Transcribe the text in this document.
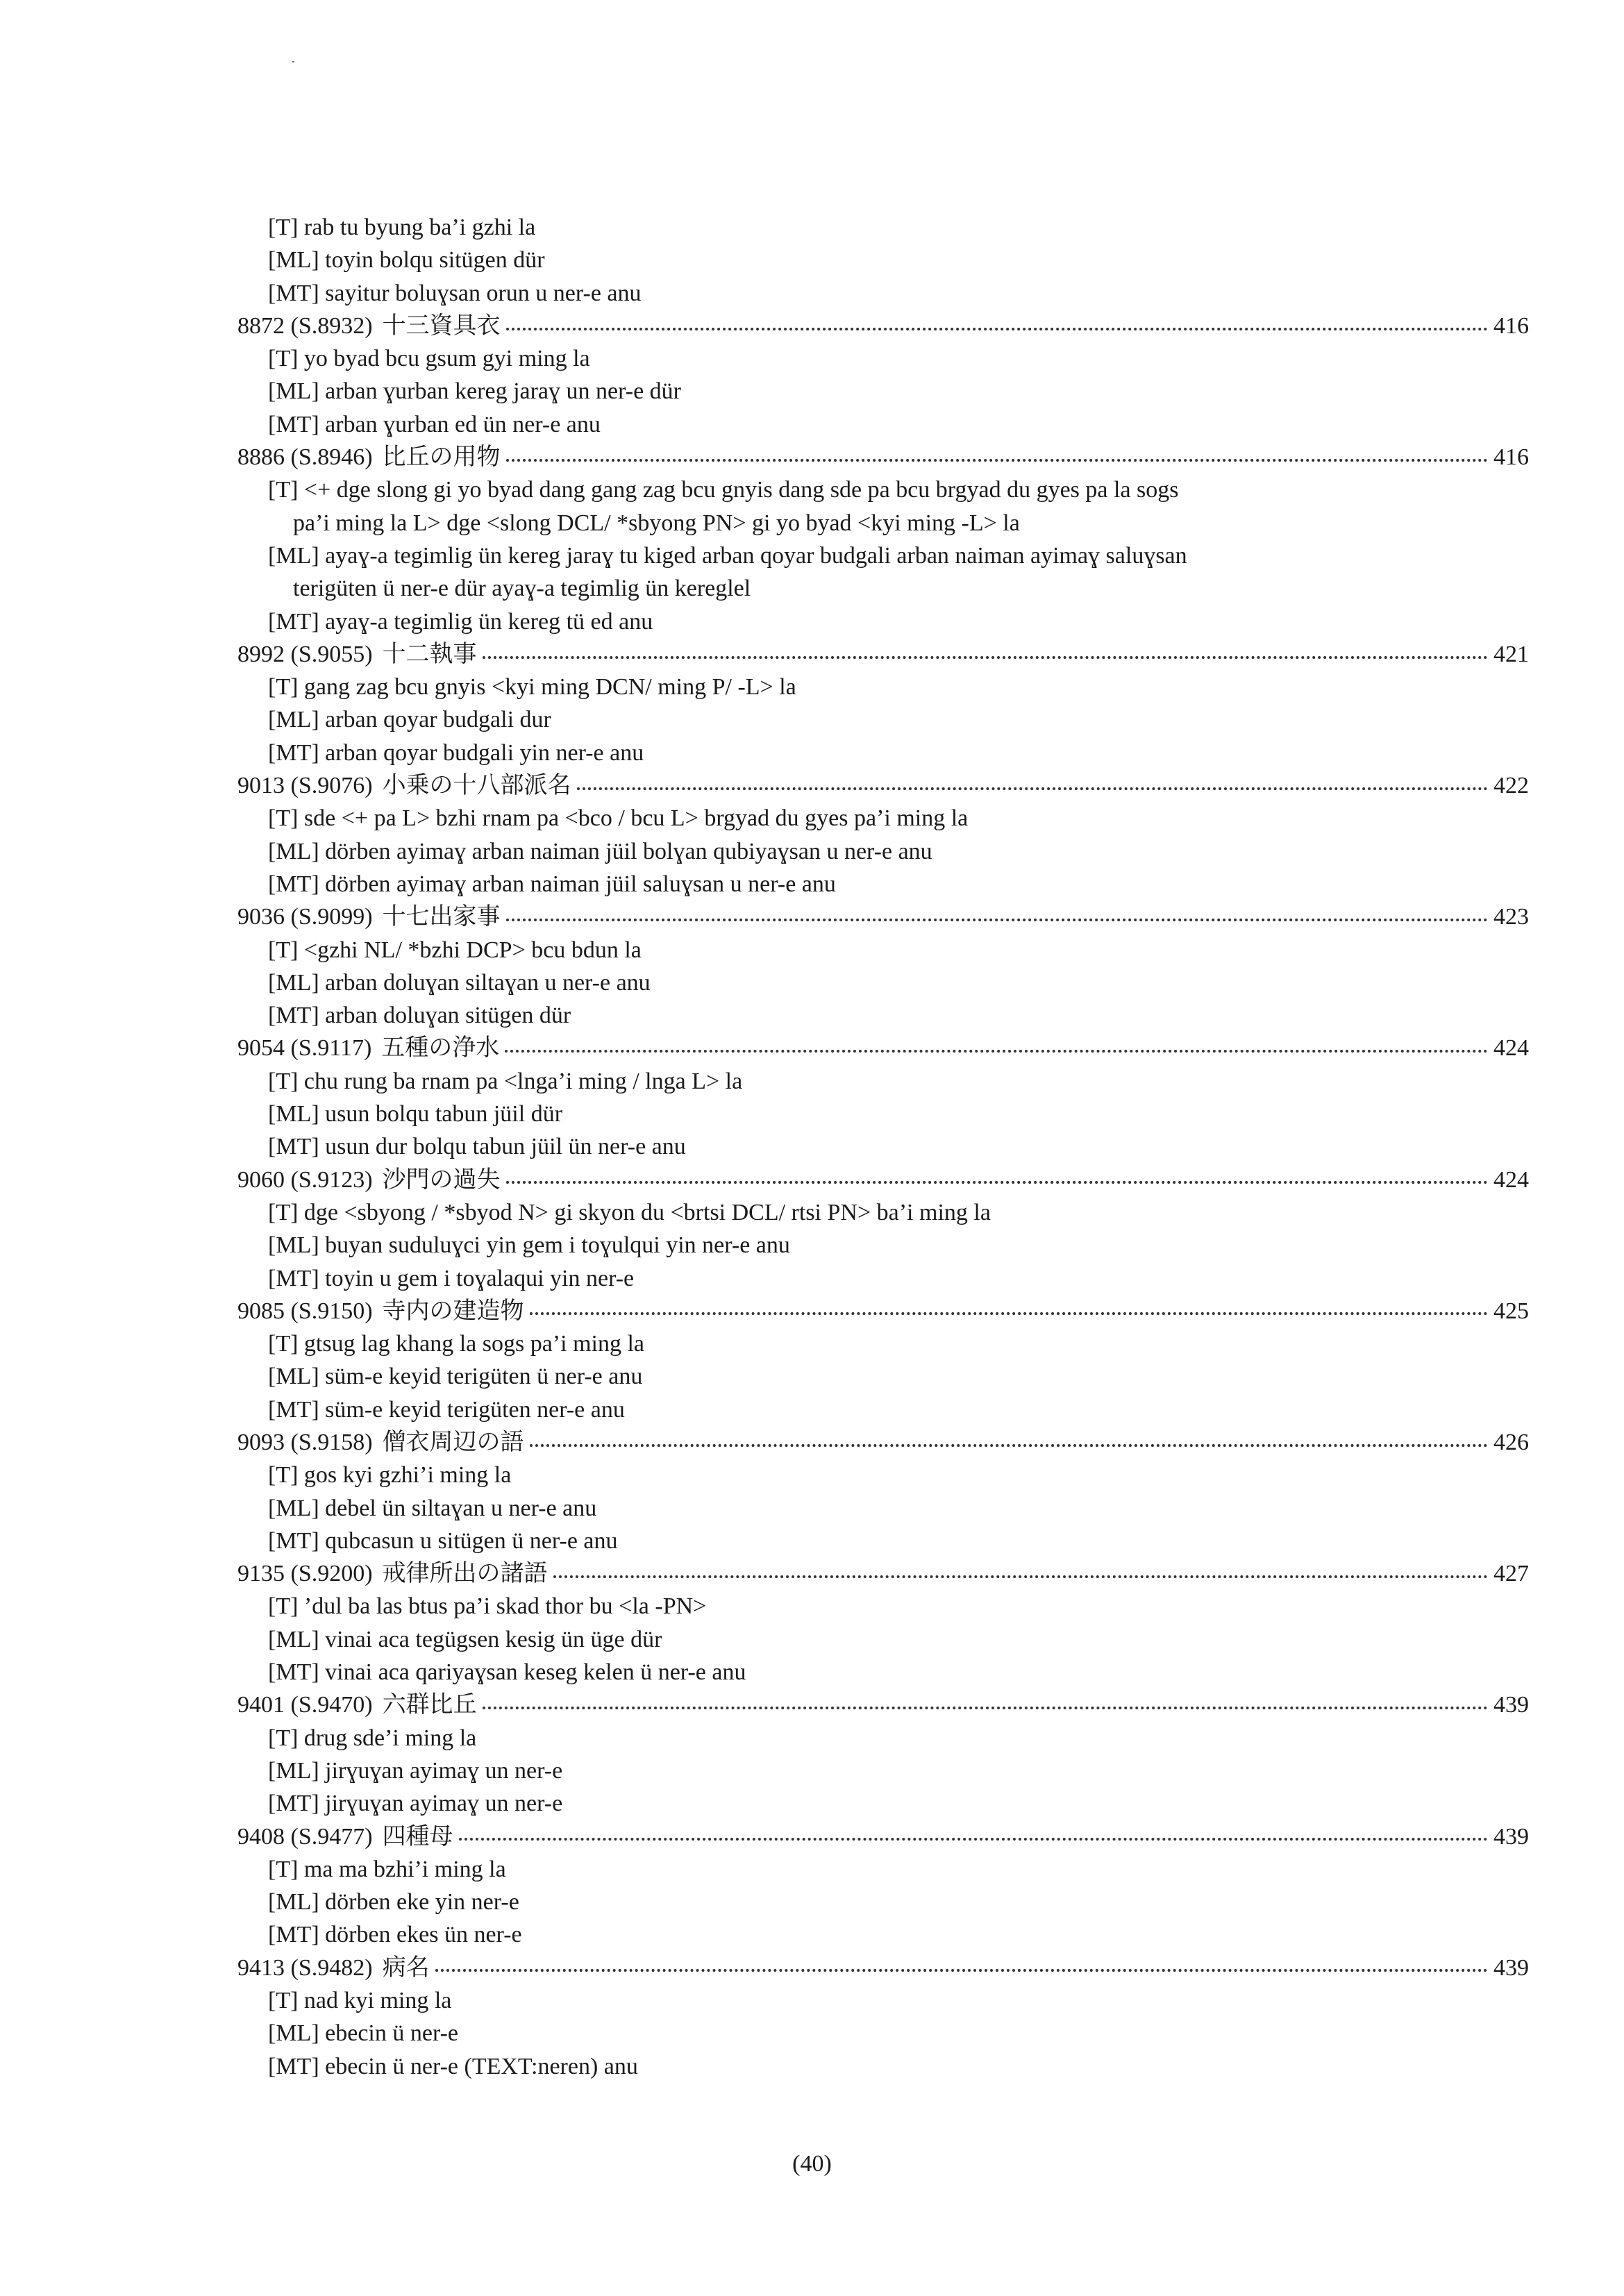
[T] rab tu byung ba’i gzhi la
[ML] toyin bolqu sitügen dür
[MT] sayitur boluɣsan orun u ner-e anu
8872 (S.8932) 十三資具衣	416
[T] yo byad bcu gsum gyi ming la
[ML] arban ɣurban kereg jaraɣ un ner-e dür
[MT] arban ɣurban ed ün ner-e anu
8886 (S.8946) 比丘の用物	416
[T] <+ dge slong gi yo byad dang gang zag bcu gnyis dang sde pa bcu brgyad du gyes pa la sogs
pa’i ming la L> dge <slong DCL/ *sbyong PN> gi yo byad <kyi ming -L> la
[ML] ayaɣ-a tegimlig ün kereg jaraɣ tu kiged arban qoyar budgali arban naiman ayimaɣ saluɣsan
terigüten ü ner-e dür ayaɣ-a tegimlig ün kereglel
[MT] ayaɣ-a tegimlig ün kereg tü ed anu
8992 (S.9055) 十二執事	421
[T] gang zag bcu gnyis <kyi ming DCN/ ming P/ -L> la
[ML] arban qoyar budgali dur
[MT] arban qoyar budgali yin ner-e anu
9013 (S.9076) 小乗の十八部派名	422
[T] sde <+ pa L> bzhi rnam pa <bco / bcu L> brgyad du gyes pa’i ming la
[ML] dörben ayimaɣ arban naiman jüil bolɣan qubiyaɣsan u ner-e anu
[MT] dörben ayimaɣ arban naiman jüil saluɣsan u ner-e anu
9036 (S.9099) 十七出家事	423
[T] <gzhi NL/ *bzhi DCP> bcu bdun la
[ML] arban doluɣan siltaɣan u ner-e anu
[MT] arban doluɣan sitügen dür
9054 (S.9117) 五種の浄水	424
[T] chu rung ba rnam pa <lnga’i ming / lnga L> la
[ML] usun bolqu tabun jüil dür
[MT] usun dur bolqu tabun jüil ün ner-e anu
9060 (S.9123) 沙門の過失	424
[T] dge <sbyong / *sbyod N> gi skyon du <brtsi DCL/ rtsi PN> ba’i ming la
[ML] buyan suduluɣci yin gem i toɣulqui yin ner-e anu
[MT] toyin u gem i toɣalaqui yin ner-e
9085 (S.9150) 寺内の建造物	425
[T] gtsug lag khang la sogs pa’i ming la
[ML] süm-e keyid terigüten ü ner-e anu
[MT] süm-e keyid terigüten ner-e anu
9093 (S.9158) 僧衣周辺の語	426
[T] gos kyi gzhi’i ming la
[ML] debel ün siltaɣan u ner-e anu
[MT] qubcasun u sitügen ü ner-e anu
9135 (S.9200) 戒律所出の諸語	427
[T] ’dul ba las btus pa’i skad thor bu <la -PN>
[ML] vinai aca tegügsen kesig ün üge dür
[MT] vinai aca qariyaɣsan keseg kelen ü ner-e anu
9401 (S.9470) 六群比丘	439
[T] drug sde’i ming la
[ML] jirɣuɣan ayimaɣ un ner-e
[MT] jirɣuɣan ayimaɣ un ner-e
9408 (S.9477) 四種母	439
[T] ma ma bzhi’i ming la
[ML] dörben eke yin ner-e
[MT] dörben ekes ün ner-e
9413 (S.9482) 病名	439
[T] nad kyi ming la
[ML] ebecin ü ner-e
[MT] ebecin ü ner-e (TEXT:neren) anu
(40)
